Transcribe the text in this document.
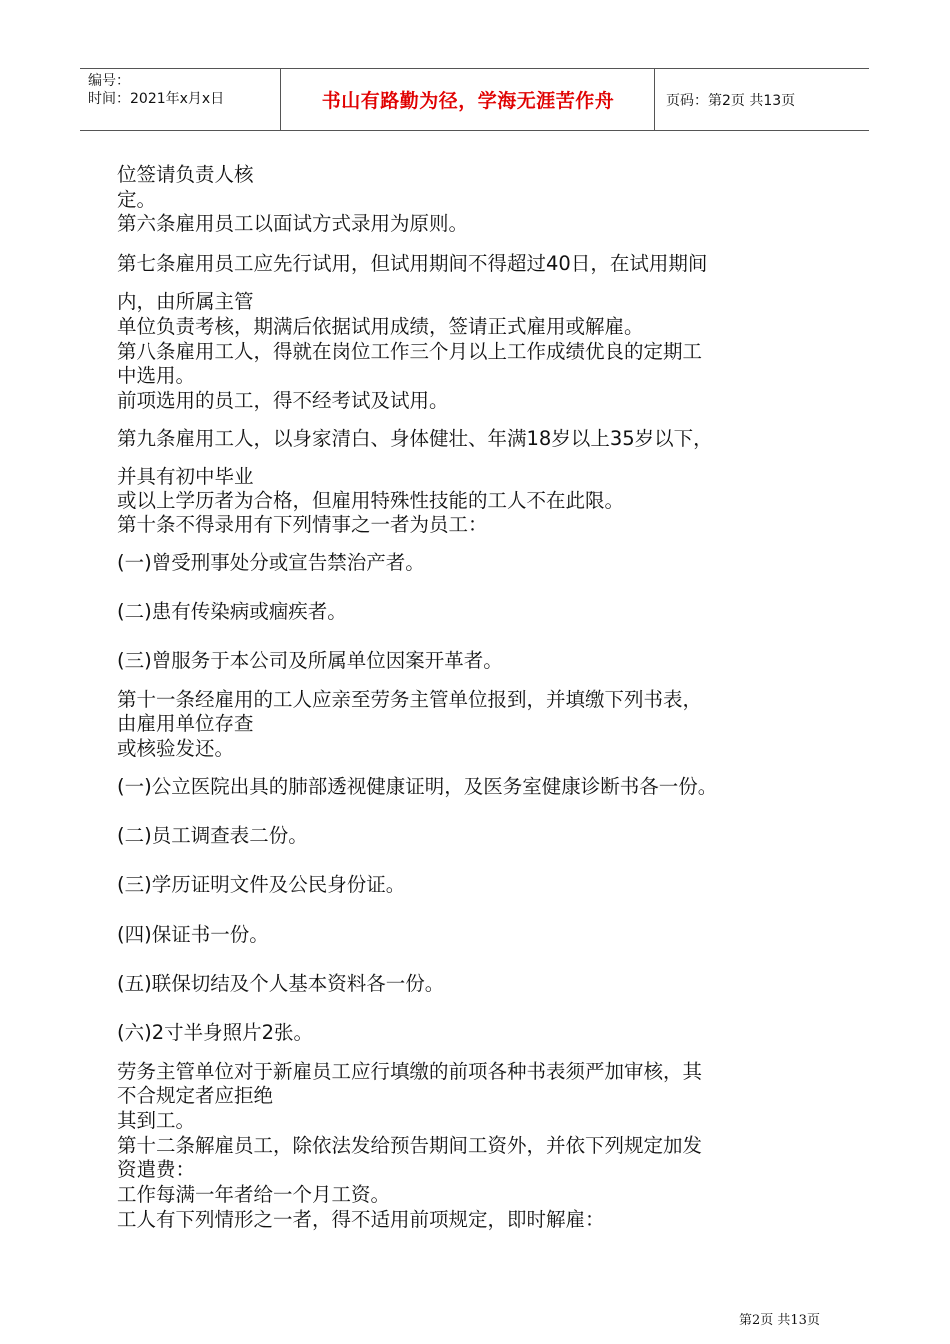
编号：
时间：2021年x月x日	书山有路勤为径，学海无涯苦作舟	页码：第2页 共13页
位签请负责人核
定。
第六条雇用员工以面试方式录用为原则。
第七条雇用员工应先行试用，但试用期间不得超过40日，在试用期间
内，由所属主管
单位负责考核，期满后依据试用成绩，签请正式雇用或解雇。
第八条雇用工人，得就在岗位工作三个月以上工作成绩优良的定期工
中选用。
前项选用的员工，得不经考试及试用。
第九条雇用工人，以身家清白、身体健壮、年满18岁以上35岁以下，
并具有初中毕业
或以上学历者为合格，但雇用特殊性技能的工人不在此限。
第十条不得录用有下列情事之一者为员工：
(一)曾受刑事处分或宣告禁治产者。
(二)患有传染病或痼疾者。
(三)曾服务于本公司及所属单位因案开革者。
第十一条经雇用的工人应亲至劳务主管单位报到，并填缴下列书表，
由雇用单位存查
或核验发还。
(一)公立医院出具的肺部透视健康证明，及医务室健康诊断书各一份。
(二)员工调查表二份。
(三)学历证明文件及公民身份证。
(四)保证书一份。
(五)联保切结及个人基本资料各一份。
(六)2寸半身照片2张。
劳务主管单位对于新雇员工应行填缴的前项各种书表须严加审核，其
不合规定者应拒绝
其到工。
第十二条解雇员工，除依法发给预告期间工资外，并依下列规定加发
资遣费：
工作每满一年者给一个月工资。
工人有下列情形之一者，得不适用前项规定，即时解雇：
第2页 共13页
